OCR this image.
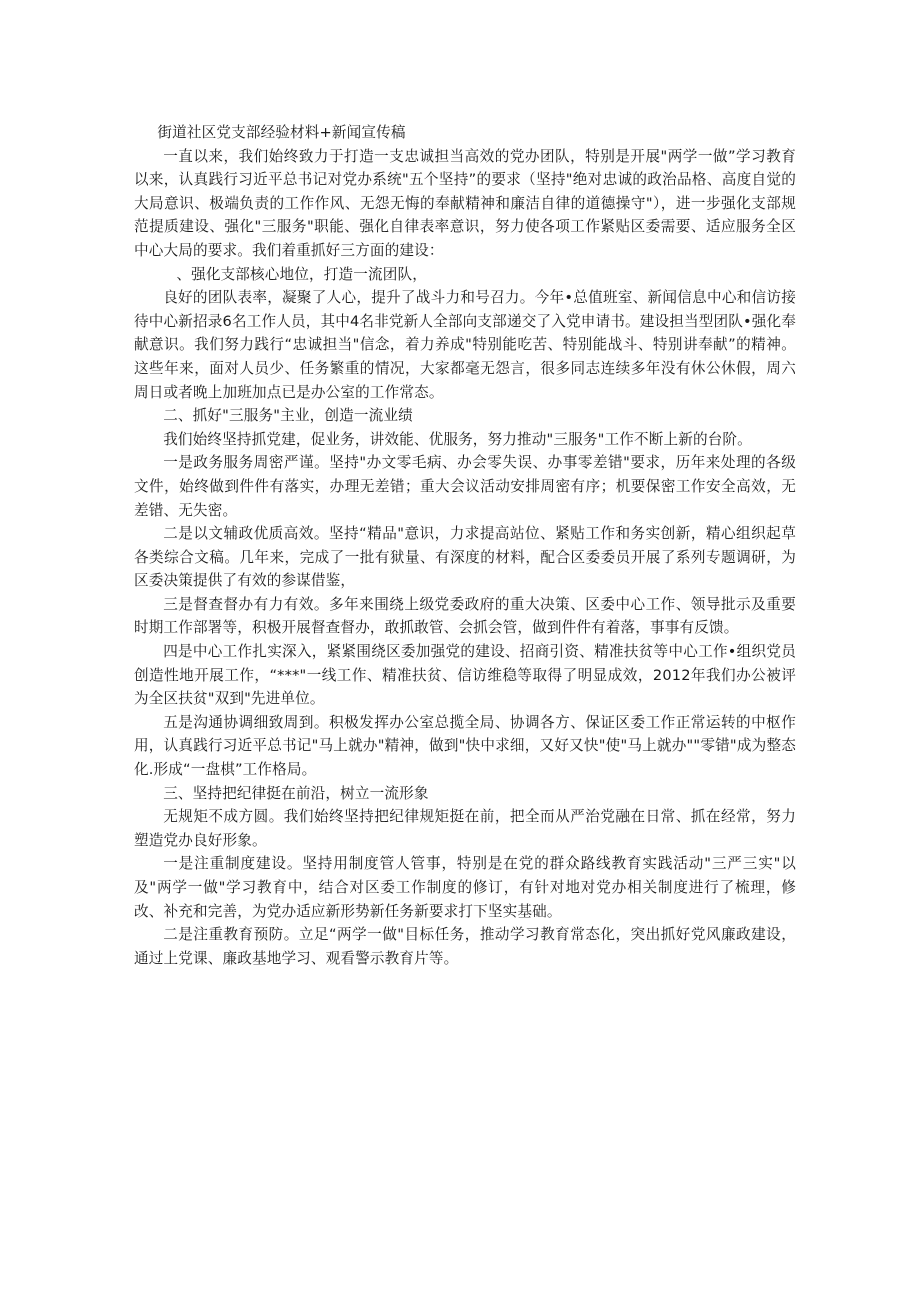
街道社区党支部经验材料+新闻宣传稿

一直以来，我们始终致力于打造一支忠诚担当高效的党办团队，特别是开展"两学一做”学习教育以来，认真践行习近平总书记对党办系统"五个坚持”的要求（坚持"绝对忠诚的政治品格、高度自觉的大局意识、极端负责的工作作风、无怨无悔的奉献精神和廉洁自律的道德操守"），进一步强化支部规范提质建设、强化"三服务"职能、强化自律表率意识，努力使各项工作紧贴区委需要、适应服务全区中心大局的要求。我们着重抓好三方面的建设：

、强化支部核心地位，打造一流团队，

良好的团队表率，凝聚了人心，提升了战斗力和号召力。今年•总值班室、新闻信息中心和信访接待中心新招录6名工作人员，其中4名非党新人全部向支部递交了入党申请书。建设担当型团队•强化奉献意识。我们努力践行“忠诚担当"信念，着力养成"特别能吃苦、特别能战斗、特别讲奉献”的精神。这些年来，面对人员少、任务繁重的情况，大家都毫无怨言，很多同志连续多年没有休公休假，周六周日或者晚上加班加点已是办公室的工作常态。

二、抓好"三服务"主业，创造一流业绩

我们始终坚持抓党建，促业务，讲效能、优服务，努力推动"三服务"工作不断上新的台阶。

一是政务服务周密严谨。坚持"办文零毛病、办会零失误、办事零差错"要求，历年来处理的各级文件，始终做到件件有落实，办理无差错；重大会议活动安排周密有序；机要保密工作安全高效，无差错、无失密。

二是以文辅政优质高效。坚持“精品"意识，力求提高站位、紧贴工作和务实创新，精心组织起草各类综合文稿。几年来，完成了一批有狱量、有深度的材料，配合区委委员开展了系列专题调研，为区委决策提供了有效的参谋借鉴，

三是督查督办有力有效。多年来围绕上级党委政府的重大决策、区委中心工作、领导批示及重要时期工作部署等，积极开展督查督办，敢抓敢管、会抓会管，做到件件有着落，事事有反馈。

四是中心工作扎实深入，紧紧围绕区委加强党的建设、招商引资、精准扶贫等中心工作•组织党员创造性地开展工作，“***"一线工作、精准扶贫、信访维稳等取得了明显成效，2012年我们办公被评为全区扶贫"双到"先进单位。

五是沟通协调细致周到。积极发挥办公室总揽全局、协调各方、保证区委工作正常运转的中枢作用，认真践行习近平总书记"马上就办"精神，做到"快中求细，又好又快"使"马上就办""零错"成为整态化.形成“一盘棋”工作格局。

三、坚持把纪律挺在前沿，树立一流形象

无规矩不成方圆。我们始终坚持把纪律规矩挺在前，把全而从严治党融在日常、抓在经常，努力塑造党办良好形象。

一是注重制度建设。坚持用制度管人管事，特别是在党的群众路线教育实践活动"三严三实"以及"两学一做"学习教育中，结合对区委工作制度的修订，有针对地对党办相关制度进行了梳理，修改、补充和完善，为党办适应新形势新任务新要求打下坚实基础。

二是注重教育预防。立足“两学一做"目标任务，推动学习教育常态化，突出抓好党风廉政建设，通过上党课、廉政基地学习、观看警示教育片等。
